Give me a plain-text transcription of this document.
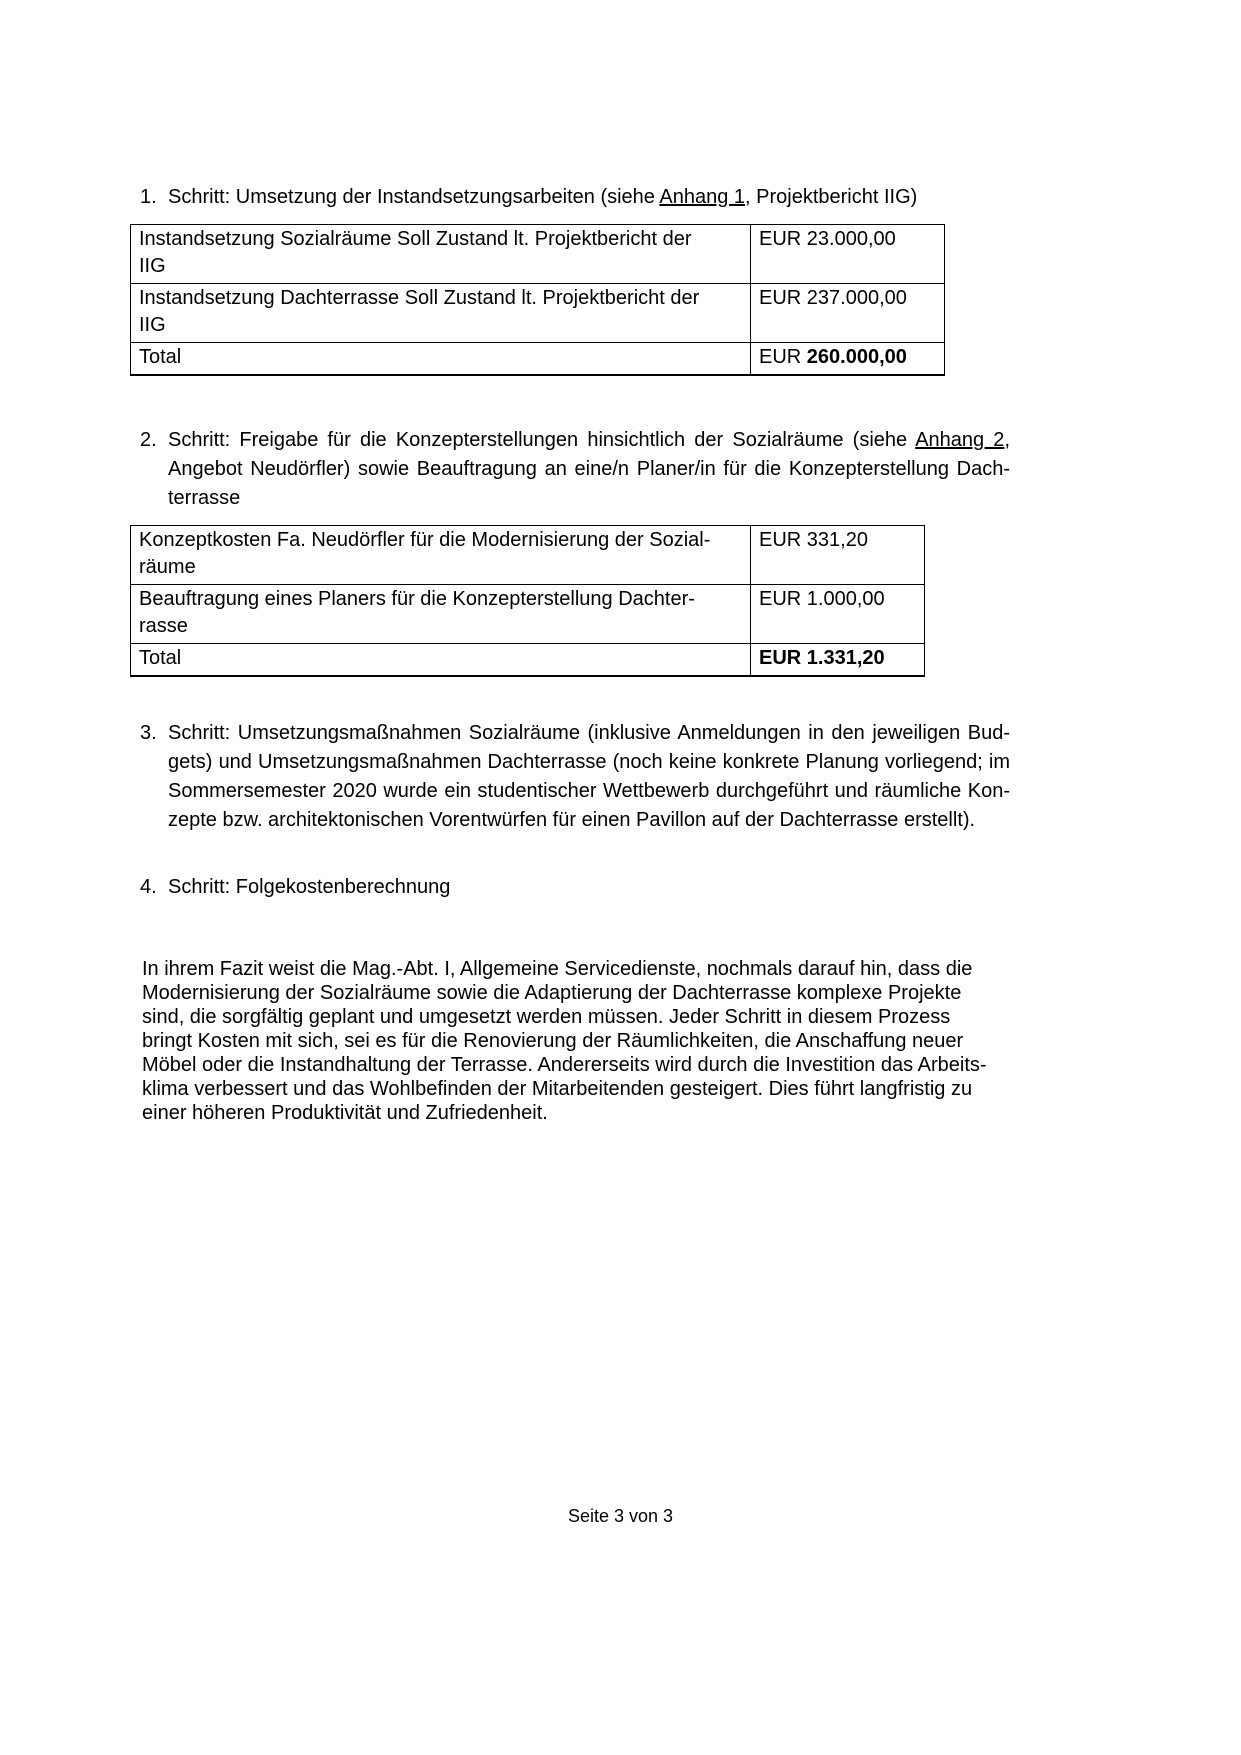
1. Schritt: Umsetzung der Instandsetzungsarbeiten (siehe Anhang 1, Projektbericht IIG)
Instandsetzung Sozialräume Soll Zustand lt. Projektbericht der
IIG	EUR 23.000,00

Instandsetzung Dachterrasse Soll Zustand lt. Projektbericht der
IIG	EUR 237.000,00

Total	EUR 260.000,00
2. Schritt: Freigabe für die Konzepterstellungen hinsichtlich der Sozialräume (siehe Anhang 2,
Angebot Neudörfler) sowie Beauftragung an eine/n Planer/in für die Konzepterstellung Dach-
terrasse
Konzeptkosten Fa. Neudörfler für die Modernisierung der Sozial-
räume	EUR 331,20

Beauftragung eines Planers für die Konzepterstellung Dachter-
rasse	EUR 1.000,00

Total	EUR 1.331,20
3. Schritt: Umsetzungsmaßnahmen Sozialräume (inklusive Anmeldungen in den jeweiligen Bud-
gets) und Umsetzungsmaßnahmen Dachterrasse (noch keine konkrete Planung vorliegend; im
Sommersemester 2020 wurde ein studentischer Wettbewerb durchgeführt und räumliche Kon-
zepte bzw. architektonischen Vorentwürfen für einen Pavillon auf der Dachterrasse erstellt).
4. Schritt: Folgekostenberechnung
In ihrem Fazit weist die Mag.-Abt. I, Allgemeine Servicedienste, nochmals darauf hin, dass die
Modernisierung der Sozialräume sowie die Adaptierung der Dachterrasse komplexe Projekte
sind, die sorgfältig geplant und umgesetzt werden müssen. Jeder Schritt in diesem Prozess
bringt Kosten mit sich, sei es für die Renovierung der Räumlichkeiten, die Anschaffung neuer
Möbel oder die Instandhaltung der Terrasse. Andererseits wird durch die Investition das Arbeits-
klima verbessert und das Wohlbefinden der Mitarbeitenden gesteigert. Dies führt langfristig zu
einer höheren Produktivität und Zufriedenheit.
Seite 3 von 3
